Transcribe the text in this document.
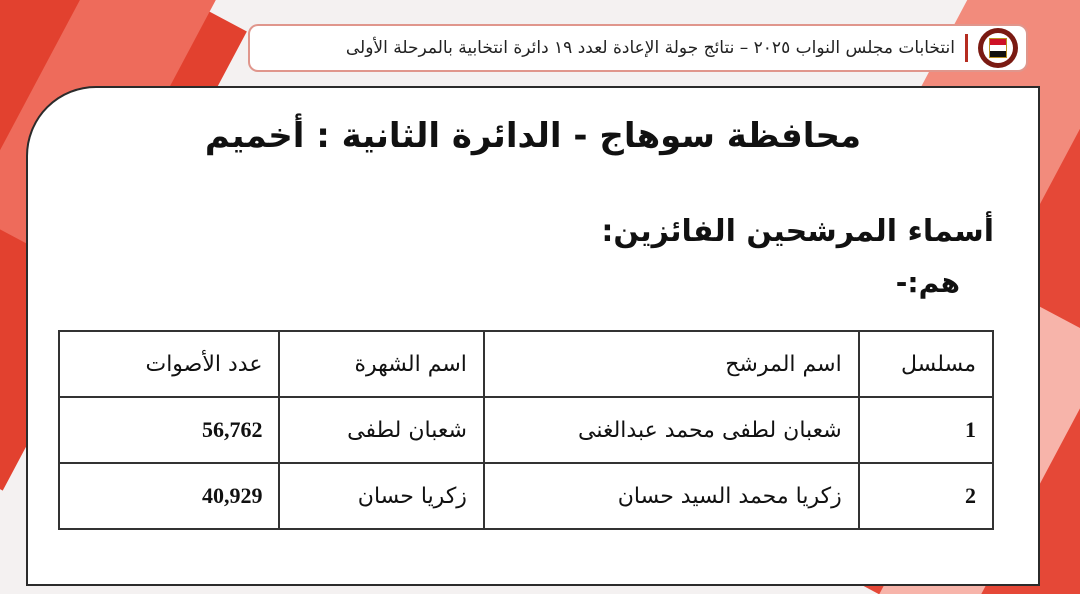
انتخابات مجلس النواب ٢٠٢٥ – نتائج جولة الإعادة لعدد ١٩ دائرة انتخابية بالمرحلة الأولى
محافظة سوهاج - الدائرة الثانية : أخميم
أسماء المرشحين الفائزين:
هم:-
مسلسل	اسم المرشح	اسم الشهرة	عدد الأصوات
1	شعبان لطفى محمد عبدالغنى	شعبان لطفى	56,762
2	زكريا محمد السيد حسان	زكريا حسان	40,929
